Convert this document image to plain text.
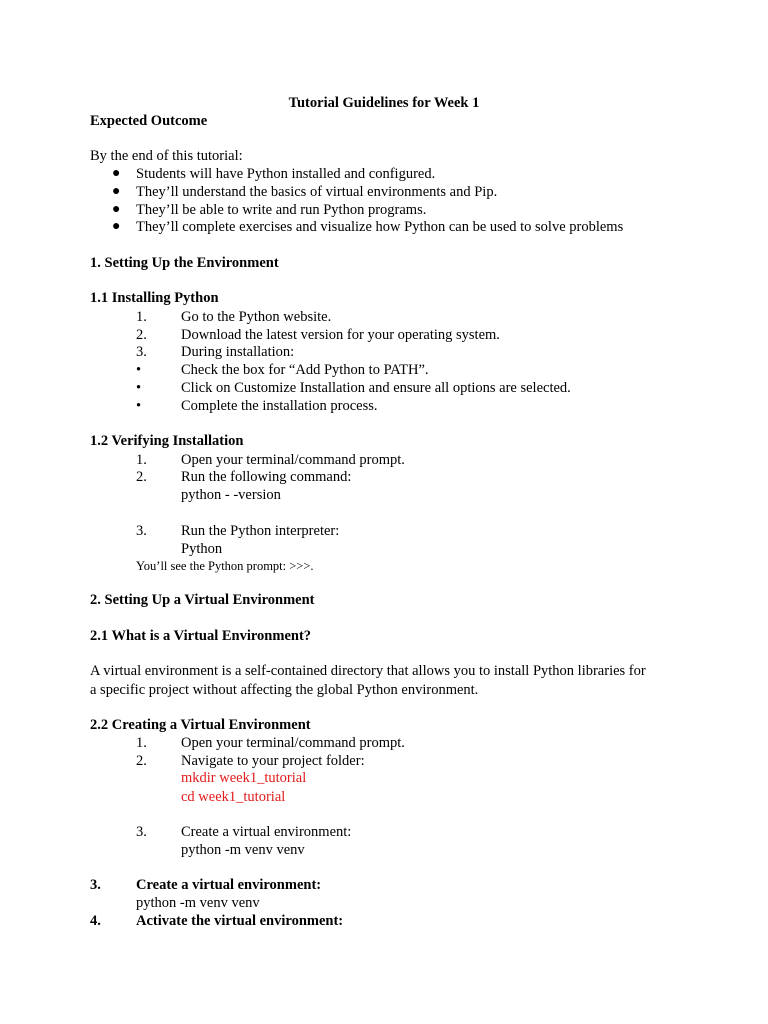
Tutorial Guidelines for Week 1
Expected Outcome
By the end of this tutorial:
● Students will have Python installed and configured.
● They’ll understand the basics of virtual environments and Pip.
● They’ll be able to write and run Python programs.
● They’ll complete exercises and visualize how Python can be used to solve problems
1. Setting Up the Environment
1.1 Installing Python
1. Go to the Python website.
2. Download the latest version for your operating system.
3. During installation:
•	Check the box for “Add Python to PATH”.
•	Click on Customize Installation and ensure all options are selected.
•	Complete the installation process.
1.2 Verifying Installation
1. Open your terminal/command prompt.
2. Run the following command:
python - -version
3. Run the Python interpreter:
Python
You’ll see the Python prompt: >>>.
2. Setting Up a Virtual Environment
2.1 What is a Virtual Environment?
A virtual environment is a self-contained directory that allows you to install Python libraries for
a specific project without affecting the global Python environment.
2.2 Creating a Virtual Environment
1. Open your terminal/command prompt.
2. Navigate to your project folder:
mkdir week1_tutorial
cd week1_tutorial
3. Create a virtual environment:
python -m venv venv
3. Create a virtual environment:
python -m venv venv
4. Activate the virtual environment:
